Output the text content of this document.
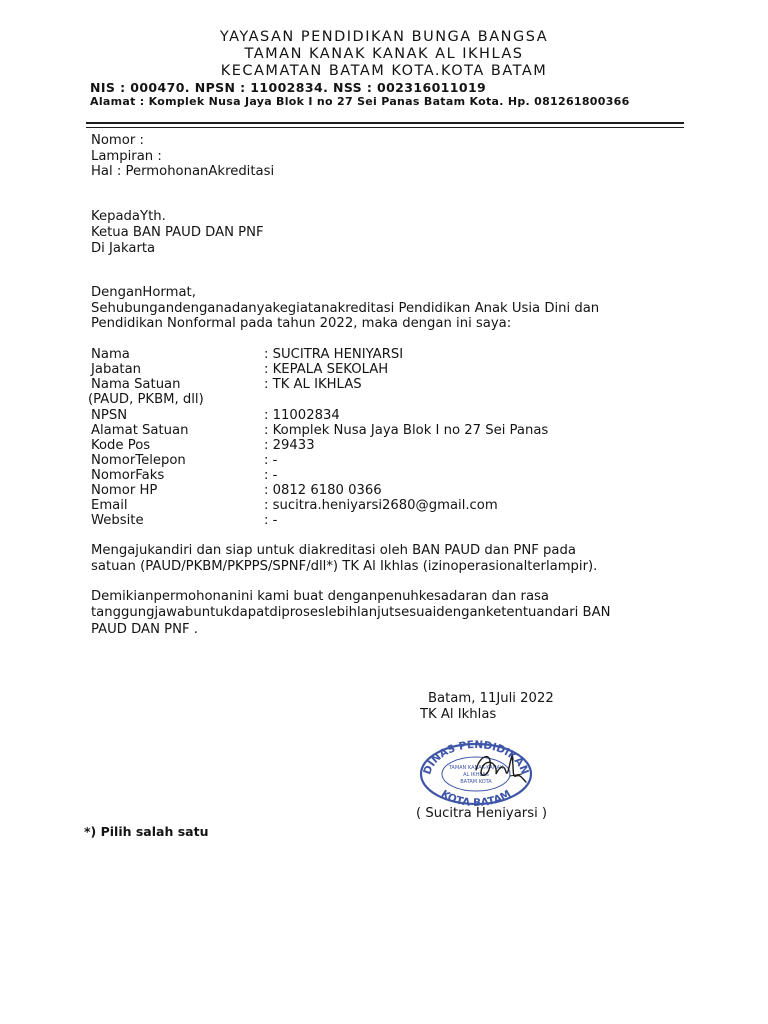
YAYASAN PENDIDIKAN BUNGA BANGSA
TAMAN KANAK KANAK AL IKHLAS
KECAMATAN BATAM KOTA.KOTA BATAM
NIS : 000470. NPSN : 11002834. NSS : 002316011019
Alamat : Komplek Nusa Jaya Blok I no 27 Sei Panas Batam Kota. Hp. 081261800366
Nomor :
Lampiran :
Hal : PermohonanAkreditasi
KepadaYth.
Ketua BAN PAUD DAN PNF
Di Jakarta
DenganHormat,
Sehubungandenganadanyakegiatanakreditasi Pendidikan Anak Usia Dini dan
Pendidikan Nonformal pada tahun 2022, maka dengan ini saya:
Nama	: SUCITRA HENIYARSI
Jabatan	: KEPALA SEKOLAH
Nama Satuan	: TK AL IKHLAS
(PAUD, PKBM, dll)
NPSN	: 11002834
Alamat Satuan	: Komplek Nusa Jaya Blok I no 27 Sei Panas
Kode Pos	: 29433
NomorTelepon	: -
NomorFaks	: -
Nomor HP	: 0812 6180 0366
Email	: sucitra.heniyarsi2680@gmail.com
Website	: -
Mengajukandiri dan siap untuk diakreditasi oleh BAN PAUD dan PNF pada
satuan (PAUD/PKBM/PKPPS/SPNF/dll*) TK Al Ikhlas (izinoperasionalterlampir).
Demikianpermohonanini kami buat denganpenuhkesadaran dan rasa
tanggungjawabuntukdapatdiproseslebihlanjutsesuaidenganketentuandari BAN
PAUD DAN PNF .
Batam, 11Juli 2022
TK Al Ikhlas
DINAS PENDIDIKAN
KOTA BATAM
TAMAN KANAK-KANAK
AL IKHLAS
BATAM KOTA
( Sucitra Heniyarsi )
*) Pilih salah satu
